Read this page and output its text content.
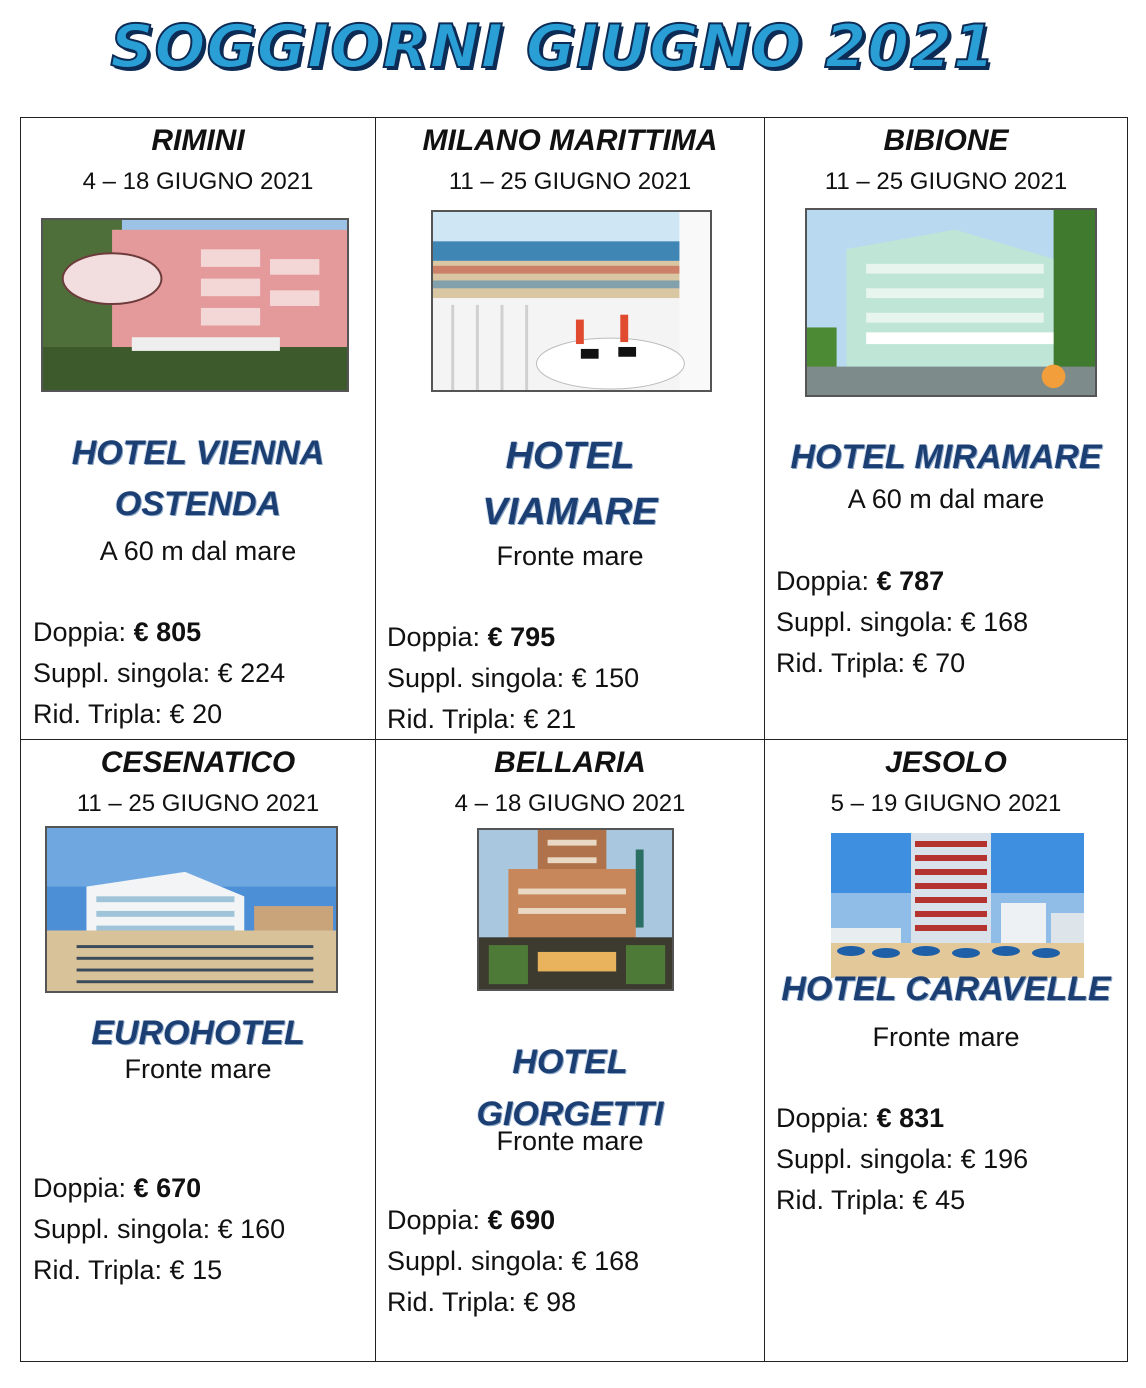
SOGGIORNI GIUGNO 2021
RIMINI
4 – 18 GIUGNO 2021
HOTEL VIENNA
OSTENDA
A 60 m dal mare
Doppia: € 805
Suppl. singola: € 224
Rid. Tripla: € 20
MILANO MARITTIMA
11 – 25 GIUGNO 2021
HOTEL
VIAMARE
Fronte mare
Doppia: € 795
Suppl. singola: € 150
Rid. Tripla: € 21
BIBIONE
11 – 25 GIUGNO 2021
HOTEL MIRAMARE
A 60 m dal mare
Doppia: € 787
Suppl. singola: € 168
Rid. Tripla: € 70
CESENATICO
11 – 25 GIUGNO 2021
EUROHOTEL
Fronte mare
Doppia: € 670
Suppl. singola: € 160
Rid. Tripla: € 15
BELLARIA
4 – 18 GIUGNO 2021
HOTEL
GIORGETTI
Fronte mare
Doppia: € 690
Suppl. singola: € 168
Rid. Tripla: € 98
JESOLO
5 – 19 GIUGNO 2021
HOTEL CARAVELLE
Fronte mare
Doppia: € 831
Suppl. singola: € 196
Rid. Tripla: € 45
